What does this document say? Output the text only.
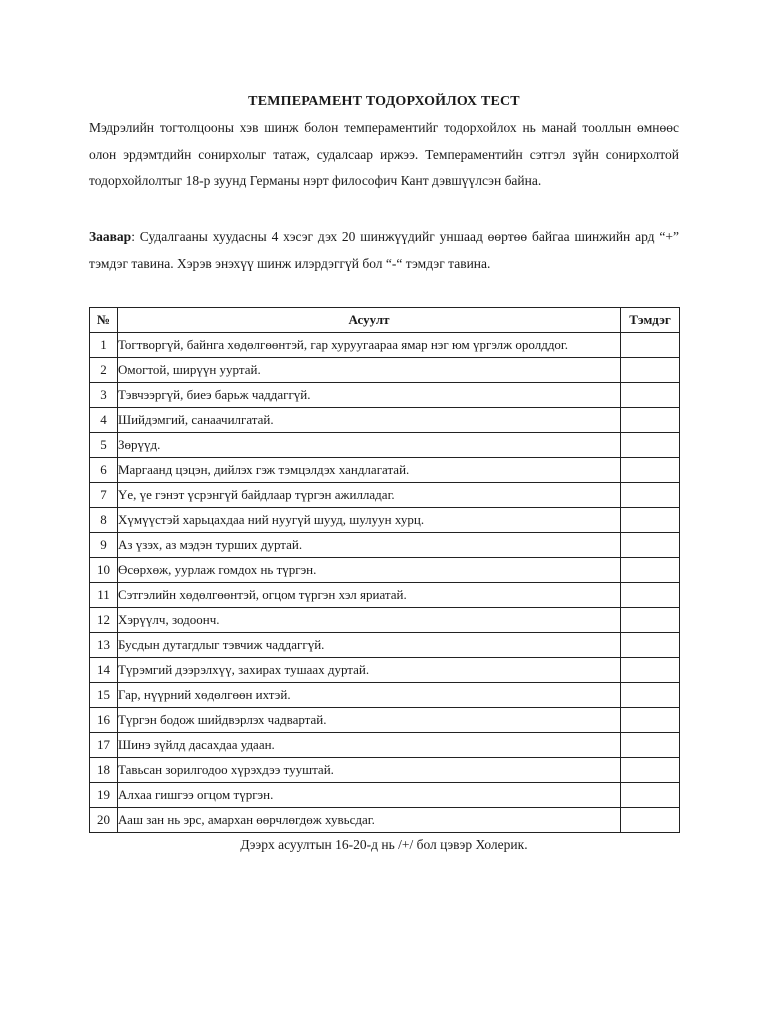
ТЕМПЕРАМЕНТ ТОДОРХОЙЛОХ ТЕСТ
Мэдрэлийн тогтолцооны хэв шинж болон темпераментийг тодорхойлох нь манай тооллын өмнөөс олон эрдэмтдийн сонирхолыг татаж, судалсаар иржээ. Темпераментийн сэтгэл зүйн сонирхолтой тодорхойлолтыг 18-р зуунд Германы нэрт философич Кант дэвшүүлсэн байна.
Заавар: Судалгааны хуудасны 4 хэсэг дэх 20 шинжүүдийг уншаад өөртөө байгаа шинжийн ард “+” тэмдэг тавина. Хэрэв энэхүү шинж илэрдэггүй бол “-“ тэмдэг тавина.
№	Асуулт	Тэмдэг
1	Тогтворгүй, байнга хөдөлгөөнтэй, гар хуруугаараа ямар нэг юм үргэлж оролддог.	
2	Омогтой, ширүүн ууртай.	
3	Тэвчээргүй, биеэ барьж чаддаггүй.	
4	Шийдэмгий, санаачилгатай.	
5	Зөрүүд.	
6	Маргаанд цэцэн, дийлэх гэж тэмцэлдэх хандлагатай.	
7	Үе, үе гэнэт үсрэнгүй байдлаар түргэн ажилладаг.	
8	Хүмүүстэй харьцахдаа ний нуугүй шууд, шулуун хурц.	
9	Аз үзэх, аз мэдэн турших дуртай.	
10	Өсөрхөж, уурлаж гомдох нь түргэн.	
11	Сэтгэлийн хөдөлгөөнтэй, огцом түргэн хэл яриатай.	
12	Хэрүүлч, зодоонч.	
13	Бусдын дутагдлыг тэвчиж чаддаггүй.	
14	Түрэмгий дээрэлхүү, захирах тушаах дуртай.	
15	Гар, нүүрний хөдөлгөөн ихтэй.	
16	Түргэн бодож шийдвэрлэх чадвартай.	
17	Шинэ зүйлд дасахдаа удаан.	
18	Тавьсан зорилгодоо хүрэхдээ тууштай.	
19	Алхаа гишгээ огцом түргэн.	
20	Ааш зан нь эрс, амархан өөрчлөгдөж хувьсдаг.	
Дээрх асуултын 16-20-д нь /+/ бол цэвэр Холерик.
